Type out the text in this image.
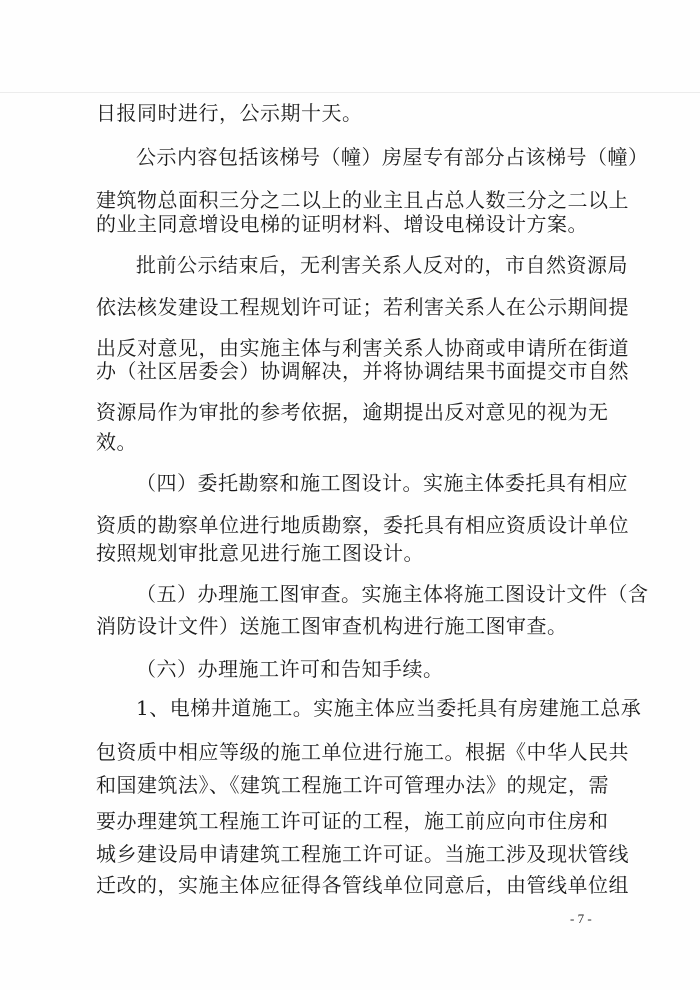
日报同时进行，公示期十天。
公示内容包括该梯号（幢）房屋专有部分占该梯号（幢）
建筑物总面积三分之二以上的业主且占总人数三分之二以上
的业主同意增设电梯的证明材料、增设电梯设计方案。
批前公示结束后，无利害关系人反对的，市自然资源局
依法核发建设工程规划许可证；若利害关系人在公示期间提
出反对意见，由实施主体与利害关系人协商或申请所在街道
办（社区居委会）协调解决，并将协调结果书面提交市自然
资源局作为审批的参考依据，逾期提出反对意见的视为无
效。
（四）委托勘察和施工图设计。实施主体委托具有相应
资质的勘察单位进行地质勘察，委托具有相应资质设计单位
按照规划审批意见进行施工图设计。
（五）办理施工图审查。实施主体将施工图设计文件（含
消防设计文件）送施工图审查机构进行施工图审查。
（六）办理施工许可和告知手续。
1、电梯井道施工。实施主体应当委托具有房建施工总承
包资质中相应等级的施工单位进行施工。根据《中华人民共
和国建筑法》、《建筑工程施工许可管理办法》的规定，需
要办理建筑工程施工许可证的工程，施工前应向市住房和
城乡建设局申请建筑工程施工许可证。当施工涉及现状管线
迁改的，实施主体应征得各管线单位同意后，由管线单位组
- 7 -
